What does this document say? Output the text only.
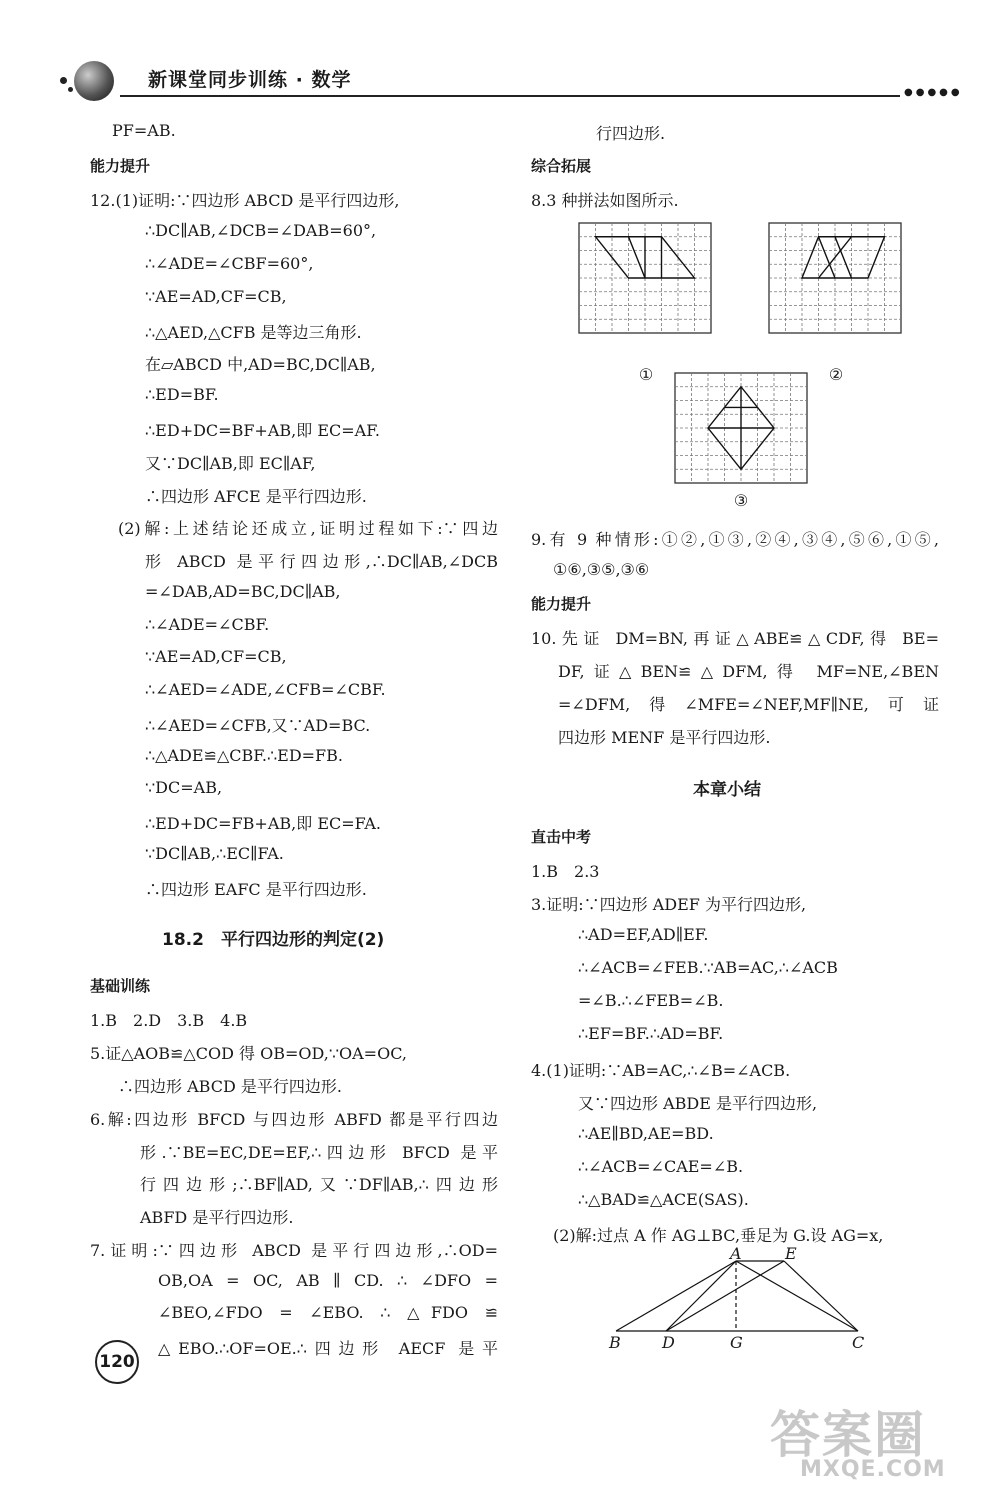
新课堂同步训练 · 数学
●●●●●
PF=AB.
能力提升
12.(1)证明:∵四边形 ABCD 是平行四边形,
∴DC∥AB,∠DCB=∠DAB=60°,
∴∠ADE=∠CBF=60°,
∵AE=AD,CF=CB,
∴△AED,△CFB 是等边三角形.
在▱ABCD 中,AD=BC,DC∥AB,
∴ED=BF.
∴ED+DC=BF+AB,即 EC=AF.
又∵DC∥AB,即 EC∥AF,
∴四边形 AFCE 是平行四边形.
(2)解:上述结论还成立,证明过程如下:∵四边
形 ABCD 是平行四边形,∴DC∥AB,∠DCB
=∠DAB,AD=BC,DC∥AB,
∴∠ADE=∠CBF.
∵AE=AD,CF=CB,
∴∠AED=∠ADE,∠CFB=∠CBF.
∴∠AED=∠CFB,又∵AD=BC.
∴△ADE≌△CBF.∴ED=FB.
∵DC=AB,
∴ED+DC=FB+AB,即 EC=FA.
∵DC∥AB,∴EC∥FA.
∴四边形 EAFC 是平行四边形.
18.2　平行四边形的判定(2)
基础训练
1.B　2.D　3.B　4.B
5.证△AOB≌△COD 得 OB=OD,∵OA=OC,
∴四边形 ABCD 是平行四边形.
6.解:四边形 BFCD 与四边形 ABFD 都是平行四边
形.∵BE=EC,DE=EF,∴四边形 BFCD 是平
行四边形;∴BF∥AD,又∵DF∥AB,∴四边形
ABFD 是平行四边形.
7.证明:∵四边形 ABCD 是平行四边形,∴OD=
OB,OA = OC, AB ∥ CD. ∴ ∠DFO =
∠BEO,∠FDO = ∠EBO. ∴ △FDO ≌
△EBO.∴OF=OE.∴四边形 AECF 是平
行四边形.
综合拓展
8.3 种拼法如图所示.
9.有 9 种情形:①②,①③,②④,③④,⑤⑥,①⑤,
①⑥,③⑤,③⑥
能力提升
10.先证 DM=BN,再证△ABE≌△CDF,得 BE=
DF,证△BEN≌△DFM,得 MF=NE,∠BEN
=∠DFM,得∠MFE=∠NEF,MF∥NE,可证
四边形 MENF 是平行四边形.
本章小结
直击中考
1.B　2.3
3.证明:∵四边形 ADEF 为平行四边形,
∴AD=EF,AD∥EF.
∴∠ACB=∠FEB.∵AB=AC,∴∠ACB
=∠B.∴∠FEB=∠B.
∴EF=BF.∴AD=BF.
4.(1)证明:∵AB=AC,∴∠B=∠ACB.
又∵四边形 ABDE 是平行四边形,
∴AE∥BD,AE=BD.
∴∠ACB=∠CAE=∠B.
∴△BAD≌△ACE(SAS).
(2)解:过点 A 作 AG⊥BC,垂足为 G.设 AG=x,
①	②
③
A	E
B	D	G	C
120
答案圈
MXQE.COM
